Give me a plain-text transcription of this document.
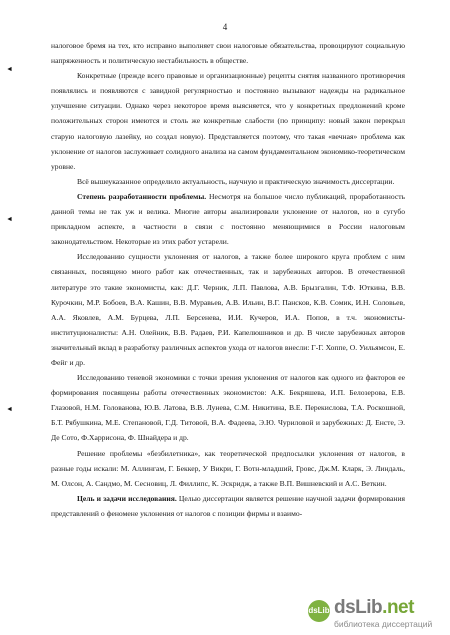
4
◄
◄
◄

налоговое бремя на тех, кто исправно выполняет свои налоговые обязательства, провоцируют социальную напряженность и политическую нестабильность в обществе.

Конкретные (прежде всего правовые и организационные) рецепты снятия названного противоречия появлялись и появляются с завидной регулярностью и постоянно вызывают надежды на радикальное улучшение ситуации. Однако через некоторое время выясняется, что у конкретных предложений кроме положительных сторон имеются и столь же конкретные слабости (по принципу: новый закон перекрыл старую налоговую лазейку, но создал новую). Представляется поэтому, что такая «вечная» проблема как уклонение от налогов заслуживает солидного анализа на самом фундаментальном экономико-теоретическом уровне.

Всё вышеуказанное определило актуальность, научную и практическую значимость диссертации.

Степень разработанности проблемы. Несмотря на большое число публикаций, проработанность данной темы не так уж и велика. Многие авторы анализировали уклонение от налогов, но в сугубо прикладном аспекте, в частности в связи с постоянно меняющимися в России налоговым законодательством. Некоторые из этих работ устарели.

Исследованию сущности уклонения от налогов, а также более широкого круга проблем с ним связанных, посвящено много работ как отечественных, так и зарубежных авторов. В отечественной литературе это такие экономисты, как: Д.Г. Черник, Л.П. Павлова, А.В. Брызгалин, Т.Ф. Юткина, В.В. Курочкин, М.Р. Бобоев, В.А. Кашин, В.В. Муравьев, А.В. Ильин, В.Г. Пансков, К.В. Сомик, И.Н. Соловьев, А.А. Яковлев, А.М. Бурцева, Л.П. Берсенева, И.И. Кучеров, И.А. Попов, в т.ч. экономисты-институционалисты: А.Н. Олейник, В.В. Радаев, Р.И. Капелюшников и др. В числе зарубежных авторов значительный вклад в разработку различных аспектов ухода от налогов внесли: Г-Г. Хоппе, О. Уильямсон, Е. Фейг и др.

Исследованию теневой экономики с точки зрения уклонения от налогов как одного из факторов ее формирования посвящены работы отечественных экономистов: А.К. Бекряшева, И.П. Белозерова, Е.В. Глазовой, Н.М. Голованова, Ю.В. Латова, В.В. Лунева, С.М. Никитина, В.Е. Перекислова, Т.А. Роскошной, Б.Т. Рябушкина, М.Е. Степановой, Г.Д. Титовой, В.А. Фадеева, Э.Ю. Чуриловой и зарубежных: Д. Енсте, Э. Де Сото, Ф.Харрисона, Ф. Шнайдера и др.

Решение проблемы «безбилетника», как теоретической предпосылки уклонения от налогов, в разные годы искали: М. Аллингам, Г. Беккер, У Викри, Г. Вотн-младший, Гровс, Дж.М. Кларк, Э. Линдаль, М. Олсон, А. Сандмо, М. Сесновиц, Л. Филлипс, К. Эскридж, а также В.П. Вишневский и А.С. Веткин.

Цель и задачи исследования. Целью диссертации является решение научной задачи формирования представлений о феномене уклонения от налогов с позиции фирмы и взаимо-

dsLib dsLib.net
библиотека диссертаций
